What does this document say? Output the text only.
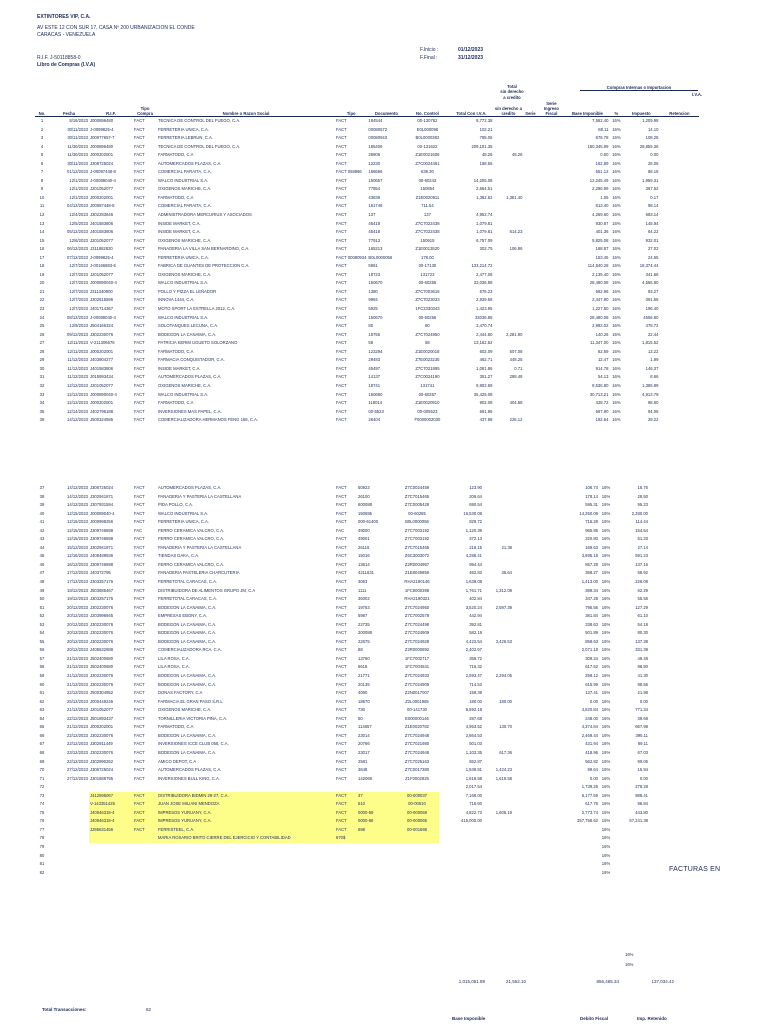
EXTINTORES VIP, C.A.
AV ESTE 12 CON SUR 17, CASA Nº 200 URBANIZACION EL CONDE
CARACAS - VENEZUELA
R.I.F. J-50118858-0
Libro de Compras (I.V.A)
F.Inicio :	01/12/2023
F.Final :	31/12/2023
Total
sin derecho
a credito
Compras Internas o Importacion
I.V.A.
No.	Fecha	R.I.F.	Tipo Compra	Nombre o Razon Social	Tipo	Documento	No. Control	Total Con I.V.A.	sin derecho a credito	Serie	Serie Ingreso Fiscal	Base Imponible	%	Impuesto	Retencion
1	8/16/2023	J000896480	FACT	TECNICA DE CONTROL DEL FUEGO, C.A.	FACT	184544	00-130762	8,772.38				7,562.40	16%	1,209.98	
2	30/11/2023	J-0099825-4	FACT	FERRETERIA UNICA, C.A.	FACT	00080572	E0L000096	102.21				88.11	16%	14.10	
3	30/11/2023	J00077657-7	FACT	FERRETERIA LEBRUN, C.A.	FACT	00080943	B0L0000382	785.06				676.78	16%	108.28	
4	11/30/2023	J000896480	FACT	TECNICA DE CONTROL DEL FUEGO, C.A.	FACT	185406	00-131622	209,101.35				180,345.99	16%	28,855.36	
5	11/30/2023	J000202001	FACT	FARMATODO, C.A	FACT	28906	Z1E0021608	48.26	48.26			0.00	16%	0.00	
6	30/11/2023	J306725024	FACT	AUTOMERCADOS PLAZAS, C.A.	FACT	12230	Z7C0024461	188.55				162.89	16%	26.06	
7	01/12/2023	J-00097448-8	FACT	COMERCIAL PARAITA, C.A.	FACT 058966	166666	639.30					551.12	16%	88.18	
8	12/1/2023	J-00089040-4	FACT	WALCO INDUSTRIAL S.A.	FACT	150657	00-60243	14,205.08				12,245.49	16%	1,959.31	
9	12/1/2023	J201052077	FACT	OXIGENOS MARICHE, C.A.	FACT	77854	150854	2,664.51				2,296.99	16%	367.52	
10	12/1/2023	J000202001	FACT	FARMATODO, C.A	FACT	43839	Z1E0020911	1,382.62	1,381.40			1.05	16%	0.17	
11	04/12/2023	J00087448-8	FACT	COMERCIAL PARAITA, C.A.	FACT	161748	711.54					613.40	16%	98.14	
12	12/4/2023	J302283646	FACT	ADMINISTRADORA MERCURIUS Y ASOCIADOS	FACT	137	137	4,952.74				4,269.60	16%	683.14	
13	12/5/2023	J401583806	FACT	INSIDE MARKET, C.A.	FACT	45418	Z7C7022438	1,079.81				930.87	16%	148.94	
14	05/12/2023	J401583806	FACT	INSIDE MARKET, C.A.	FACT	45418	Z7C7022438	1,079.81	614.23			401.36	16%	64.22	
15	12/6/2023	J201052077	FACT	OXIGENOS MARICHE, C.A.	FACT	77913	150915	6,757.09				5,825.08	16%	932.01	
16	06/12/2023	J311862820	FACT	PANADERIA LA VILLA SAN BERNARDINO, C.A.	FACT	165213	Z1E0013520	302.75	106.86			168.87	16%	27.02	
17	07/12/2023	J-0099825-4	FACT	FERRETERIA UNICA, C.A.	FACT 00080934	B0L0000056	178.00					153.45	16%	24.55	
18	12/7/2023	J-00166883-6	FACT	FABRICA DE GUANTES DE PROTECCION C.A.	FACT	5961	00-17130	133,214.72				114,840.28	16%	18,374.44	
19	12/7/2023	J201052077	FACT	OXIGENOS MARICHE, C.A.	FACT	18723	131723	2,477.06				2,135.40	16%	341.66	
20	12/7/2023	J000890040-4	FACT	WALCO INDUSTRIAL S.A.	FACT	150670	00-60256	33,036.88				28,480.08	16%	4,556.80	
21	12/7/2023	J311340900	FACT	POLLO Y PIZZA EL LEÑADOR	FACT	1380	Z7C7003616	676.23				582.96	16%	93.27	
22	12/7/2023	J302615596	FACT	INNOVA 1444, C.A.	FACT	9984	Z7C7023033	2,839.56				2,447.90	16%	391.66	
23	12/7/2023	J401714367	FACT	MOTO SPORT LA ESTRELLA 2012, C.A.	FACT	5925	1FC2330343	1,423.95				1,227.50	16%	196.40	
24	08/12/2023	J-00089040-4	FACT	WALCO INDUSTRIAL S.A.	FACT	150670	00-50256	33036.88				28,480.08	16%	4556.80	
25	12/9/2023	J504166324	FACT	SOLOTANQUES LECUNA, C.A.	FACT	80	80	3,470.74				2,992.02	16%	478.72	
26	09/12/2023	J302230076	FACT	BODEGON LA CANAIMA, C.A.	FACT	18756	Z7C7024950	2,444.60	2,281.90			140.26	16%	22.44	
27	12/11/2023	V-211306676	FACT	PATRICIA KERIM UGUETO SOLORZANO	FACT	58	58	13,162.52				11,347.00	16%	1,815.52	
28	12/11/2023	J000202001	FACT	FARMATODO, C.A	FACT	123294	Z1E0020018	602.09	507.08			82.59	16%	13.22	
29	11/12/2023	J403904277	FACT	FARMACIA CONQUISTADOR, C.A.	FACT	29483	Z7E0023235	462.71	448.25			12.47	16%	1.99	
30	11/12/2023	J401583806	FACT	INSIDE MARKET, C.A.	FACT	45497	Z7C7021895	1,061.86	0.71			914.78	16%	146.37	
31	11/12/2023	J015993434	FACT	AUTOMERCADOS PLAZAS, C.A.	FACT	14137	Z7C0024190	351.27	288.48			54.13	16%	8.66	
32	12/12/2023	J201052077	FACT	OXIGENOS MARICHE, C.A.	FACT	18741	131741	9,902.69				8,536.80	16%	1,365.89	
33	12/12/2023	J000890040-4	FACT	WALCO INDUSTRIAL S.A.	FACT	150680	00-60267	35,425.08				30,713.21	16%	4,913.79	
34	12/12/2023	J000202001	FACT	FARMATODO, C.A	FACT	118014	Z1E0020910	902.08	404.68			428.72	16%	68.60	
35	12/14/2023	J402796188	FACT	INVERSIONES MAS PAPEL, C.A.	FACT	00-5523	00-005523	681.96				587.90	16%	94.06	
36	14/12/2023	J500324585	FACT	COMERCIALIZADORA HERMANOS FENG 168, C.A.	FACT	26404	F0000002030	437.98	226.12			182.64	16%	29.22	
37	14/12/2023	J306725024	FACT	AUTOMERCADOS PLAZAS, C.A.	FACT	50923	Z7C0024459	123.90				106.74	16%	16.76	
38	14/12/2023	J302941871	FACT	PANADERIA Y PASTERIA LA CASTELLANA	FACT	26100	Z7C7015465	206.64				178.14	16%	28.50	
39	14/12/2023	J307931594	FACT	PIDA POLLO, C.A.	FACT	600088	Z7C0005428	690.54				595.31	16%	95.23	
40	12/15/2023	J00089040-4	FACT	WALCO INDUSTRIAL S.A.	FACT	150695	00-60285	16,530.08				14,250.08	16%	2,280.00	
41	12/15/2023	J000998256	FACT	FERRETERIA UNICA, C.A.	FACT	000-61400	B0L0000056	829.72				715.28	16%	114.44	
42	12/15/2023	J309746898	FAC	FERRO CERAMICA VALCRO, C.A.	FAC	49000	Z7C7003192	1,120.39				965.85	16%	154.54	
43	12/15/2023	J309746898	FACT	FERRO CERAMICA VALCRO, C.A.	FACT	49001	Z7C7003192	372.13				320.80	16%	51.33	
44	15/12/2023	J302941971	FACT	PANADERIA Y PASTERIA LA CASTELLANA	FACT	26118	Z7C7015465	218.15	21.38			169.63	16%	27.14	
45	12/16/2023	J408489936	FACT	TIENDAS DAKA, C.A.	FACT	15016	Z6C3003072	4,286.41				3,695.18	16%	591.23	
46	16/12/2023	J309746898	FACT	FERRO CERAMICA VALCRO, C.A.	FACT	13614	Z2R0004967	994.44				857.28	16%	137.16	
47	17/12/2023	J40372795	FACT	PANADERIA PASTELERIA CHARCUTERIA	FACT	4211631	Z1E8049858	462.83	35.64			368.27	16%	58.92	
48	17/12/2023	J303257176	FACT	FERRETOTAL CARACAS, C.A.	FACT	3063	RHA2190146	1,639.08				1,413.00	16%	226.08	
49	18/12/2023	J503885467	FACT	DISTRIBUIDORA DE ALIMENTOS GRUPO JM, C.A	FACT	1111	1FC8000398	1,761.71	1,312.08			389.34	16%	62.29	
50	19/12/2023	J303257176	FACT	FERRETOTAL CARACAS, C.A.	FACT	36002	RHA2190321	402.84				347.28	16%	55.56	
51	20/12/2023	J302230076	FACT	BODEGON LA CANAIMA, C.A.	FACT	19763	Z7C7024950	3,520.24	2,597.39			795.56	16%	127.29	
52	20/12/2023	J203996945	FACT	EMPRESAS EBONY, C.A.	FACT	5987	Z7C7002578	442.94				381.84	16%	61.10	
53	20/12/2023	J302230076	FACT	BODEGON LA CANAIMA, C.A.	FACT	22735	Z7C7024498	392.81				338.63	16%	54.18	
54	20/12/2023	J302230076	FACT	BODEGON LA CANAIMA, C.A.	FACT	200088	Z7C7024909	582.19				501.89	16%	80.30	
55	20/12/2023	J302230076	FACT	BODEGON LA CANAIMA, C.A.	FACT	22675	Z7C7024928	4,422.54	3,426.53			858.63	16%	137.38	
56	20/12/2023	J405632888	FACT	COMERCIALIZADORA RCA, C.A.	FACT	88	Z2R0000892	2,402.57				2,071.18	16%	331.39	
57	21/12/2023	J502400680	FACT	LILA ROSA, C.A.	FACT	13760	1FC7002717	358.72				309.24	16%	49.48	
58	21/12/2023	J502400680	FACT	LILA ROSA, C.A.	FACT	6618	1FC7004841	716.32				617.52	16%	98.80	
59	21/12/2023	J302230076	FACT	BODEGON LA CANAIMA, C.A.	FACT	21771	Z7C7024933	2,593.47	2,294.05			258.12	16%	41.30	
60	21/12/2023	J302230076	FACT	BODEGON LA CANAIMA, C.A.	FACT	20135	Z7C7024909	714.53				615.99	16%	98.56	
61	22/12/2023	J500304952	FACT	DONAS FACTORY, C.A	FACT	4060	Z2N0017007	159.39				137.41	16%	21.98	
62	25/12/2023	J000449246	FACT	FARMACIA EL GRAN PASO S.R.L	FACT	18670	Z2L0001965	180.00	180.00			0.00	16%	0.00	
63	21/12/2023	J201052077	FACT	OXIGENOS MARICHE, C.A.	FACT	730	00-141730	5,592.18				4,820.84	16%	771.34	
64	22/12/2023	J501893437	FACT	TORNILLERIA VICTORIA PIÑA, C.A.	FACT	50	E000000146	287.68				248.00	16%	39.68	
65	21/12/2023	J000202001	FACT	FARMATODO, C.A	FACT	114857	Z1E0020782	4,953.52	130.70			4,374.84	16%	667.98	
66	22/12/2023	J302230076	FACT	BODEGON LA CANAIMA, C.A.	FACT	23014	Z7C7024948	2,864.53				2,469.44	16%	395.11	
67	22/12/2023	J302911449	FACT	INVERSIONES ICCE CLUB 058, C.A.	FACT	20766	Z7C7021980	501.03				431.94	16%	69.11	
68	23/12/2023	J302230076	FACT	BODEGON LA CANAIMA, C.A.	FACT	23017	Z7C7024948	1,103.35	617.36			418.96	16%	67.03	
69	22/12/2023	J302990252	FACT	AMICO DEPOT, C.A	FACT	2581	Z7C7025163	652.87				562.82	16%	90.05	
70	27/12/2023	J306725024	FACT	AUTOMERCADOS PLAZAS, C.A.	FACT	3648	Z7C0017380	1,539.81	1,424.23			99.64	16%	15.94	
71	27/12/2023	J301888795	FACT	INVERSIONES BULL KING, C.A.	FACT	142068	Z1F0002825	1,619.58	1,619.58			0.00	16%	0.00	
72								2,017.54				1,739.26	16%	278.28	
73		J412595067	FACT	DISTRIBUIDORA BIDMIN 29-27, C.A.	FACT	37	00-000037	7,166.00				6,177.59	16%	988.41	
74		V-143351425	FACT	JUAN JOSE MILIANI MENDOZA	FACT	510	00-00510	716.60				617.76	16%	98.84	
75		J40946318-4	FACT	IMPRESOS YURUANY, C.A.	FACT	0000-59	00-000059	4,822.73	1,605.19			2,773.74	16%	443.80	
76		J40946318-4	FACT	IMPRESOS YURUANY, C.A.	FACT	0000-66	00-000066	415,000.00				357,758.62	16%	57,241.38	
77		J295631456	FACT	FERRISTEEL, C.A.	FACT	698	00-001698						16%		
78				MARIA ROSARIO BRITO CIERRE DEL EJERCICIO Y CONTABILIDAD	670$								16%		
79													16%		
80													16%		
81													16%		
82													16%		
16%
16%
FACTURAS EN
1,015,051.89	21,552.10	856,465.34	137,034.42
Total Transacciones:	82
Base Imponible	Debito Fiscal	Imp. Retenido
